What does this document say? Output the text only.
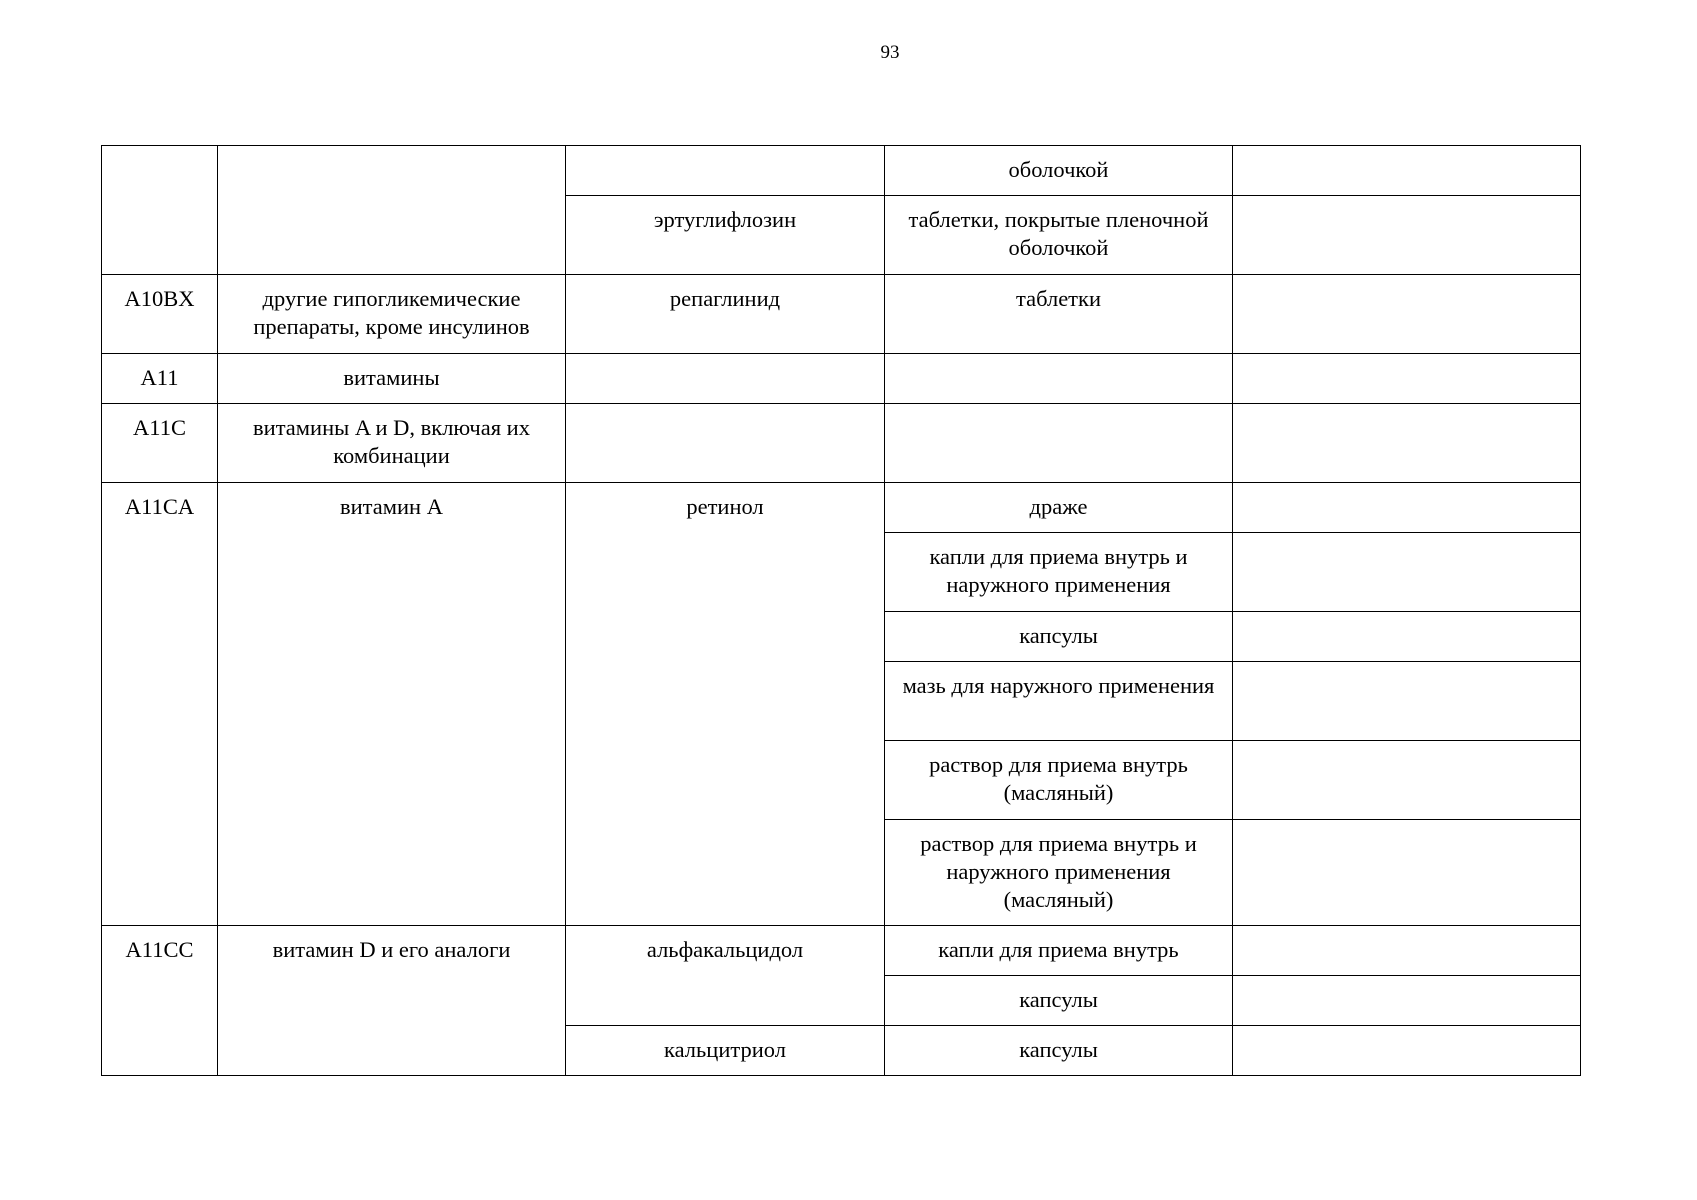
93
			оболочкой	
		эртуглифлозин	таблетки, покрытые пленочной оболочкой	
A10BX	другие гипогликемические препараты, кроме инсулинов	репаглинид	таблетки	
A11	витамины			
A11C	витамины A и D, включая их комбинации			
A11CA	витамин A	ретинол	драже	
			капли для приема внутрь и наружного применения	
			капсулы	
			мазь для наружного применения	
			раствор для приема внутрь (масляный)	
			раствор для приема внутрь и наружного применения (масляный)	
A11CC	витамин D и его аналоги	альфакальцидол	капли для приема внутрь	
			капсулы	
		кальцитриол	капсулы	
